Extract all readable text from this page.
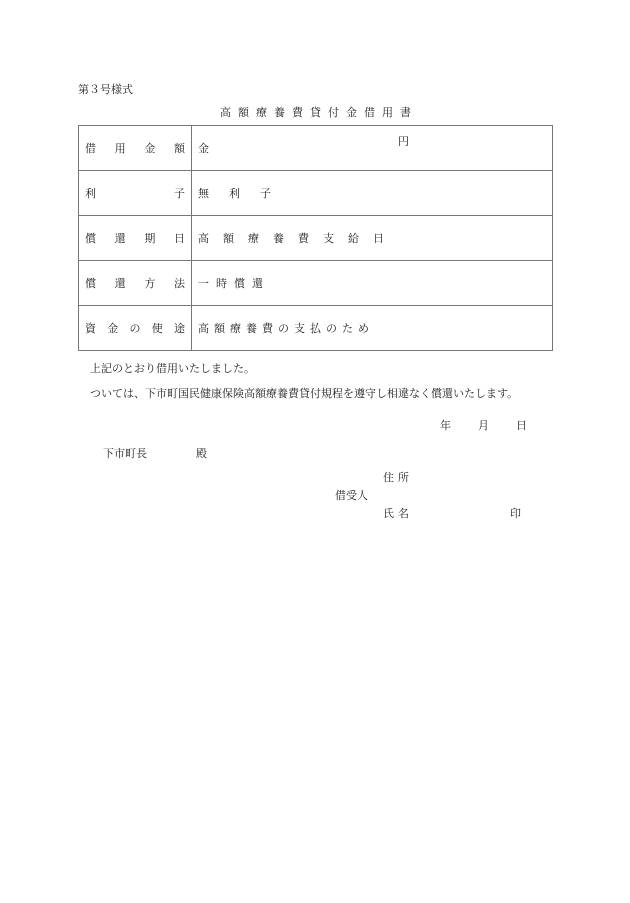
第３号様式
高額療養費貸付金借用書
借 用 金 額	金
円

利 子	無 利 子

償 還 期 日	高 額 療 養 費 支 給 日

償 還 方 法	一 時 償 還

資 金 の 使 途	高 額 療 養 費 の 支 払 の た め
上記のとおり借用いたしました。
ついては、下市町国民健康保険高額療養費貸付規程を遵守し相違なく償還いたします。
年 月 日
下市町長	殿
住所
借受人
氏名	印
